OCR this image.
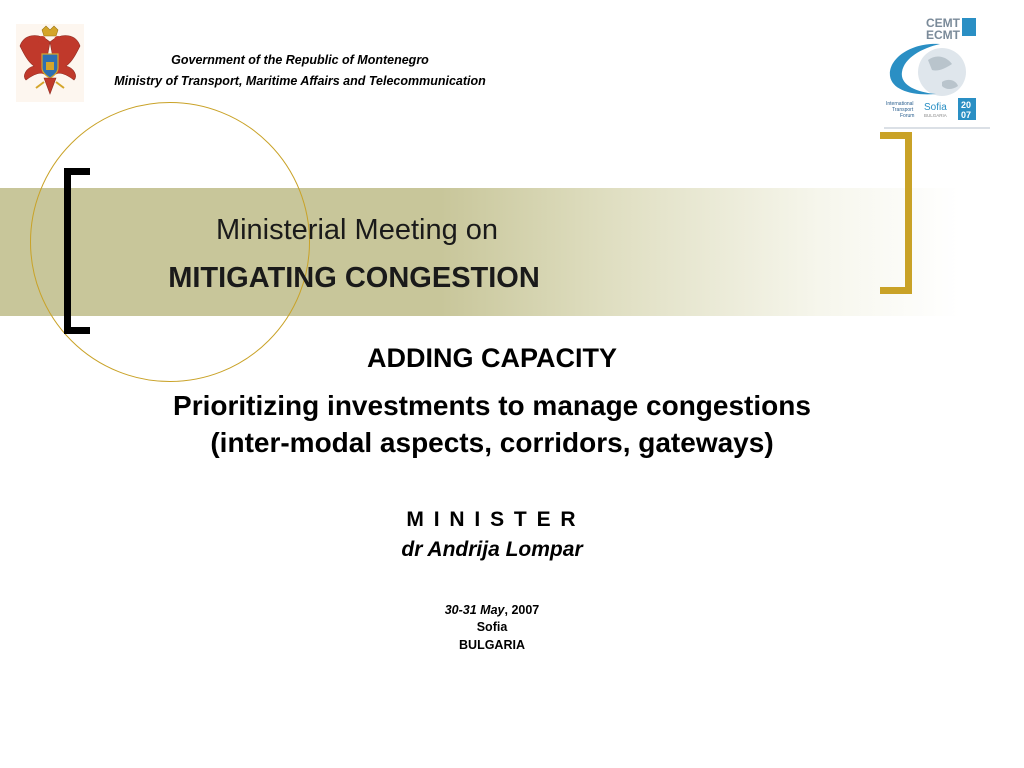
Government of the Republic of Montenegro
Ministry of Transport, Maritime Affairs and Telecommunication
CEMT
ECMT
International
Transport
Forum
Sofia
BULGARIA
20
07
Ministerial Meeting on
MITIGATING CONGESTION
ADDING CAPACITY
Prioritizing investments to manage congestions
(inter-modal aspects, corridors, gateways)
M I N I S T E R
dr Andrija Lompar
30-31 May, 2007
Sofia
BULGARIA
